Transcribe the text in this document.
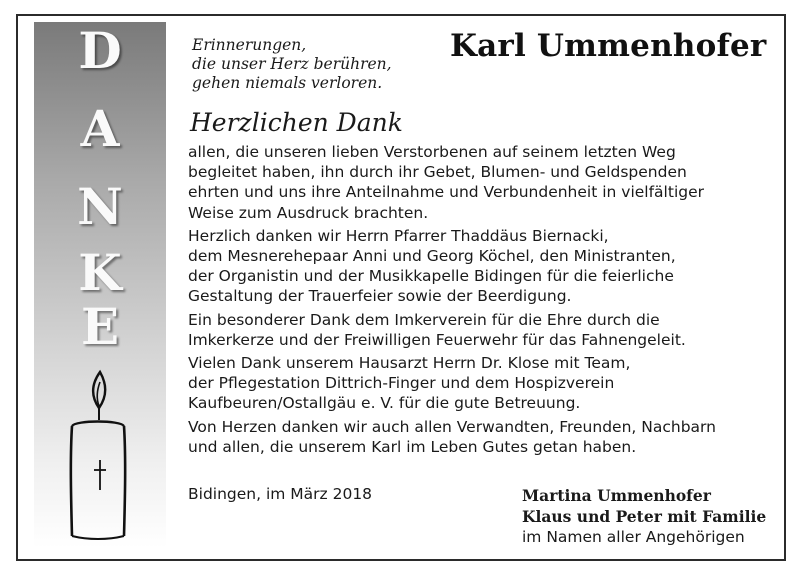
D
A
N
K
E
Erinnerungen,
die unser Herz berühren,
gehen niemals verloren.
Karl Ummenhofer
Herzlichen Dank
allen, die unseren lieben Verstorbenen auf seinem letzten Weg
begleitet haben, ihn durch ihr Gebet, Blumen- und Geldspenden
ehrten und uns ihre Anteilnahme und Verbundenheit in vielfältiger
Weise zum Ausdruck brachten.
Herzlich danken wir Herrn Pfarrer Thaddäus Biernacki,
dem Mesnerehepaar Anni und Georg Köchel, den Ministranten,
der Organistin und der Musikkapelle Bidingen für die feierliche
Gestaltung der Trauerfeier sowie der Beerdigung.
Ein besonderer Dank dem Imkerverein für die Ehre durch die
Imkerkerze und der Freiwilligen Feuerwehr für das Fahnengeleit.
Vielen Dank unserem Hausarzt Herrn Dr. Klose mit Team,
der Pflegestation Dittrich-Finger und dem Hospizverein
Kaufbeuren/Ostallgäu e. V. für die gute Betreuung.
Von Herzen danken wir auch allen Verwandten, Freunden, Nachbarn
und allen, die unserem Karl im Leben Gutes getan haben.
Bidingen, im März 2018	Martina Ummenhofer
Klaus und Peter mit Familie
im Namen aller Angehörigen
